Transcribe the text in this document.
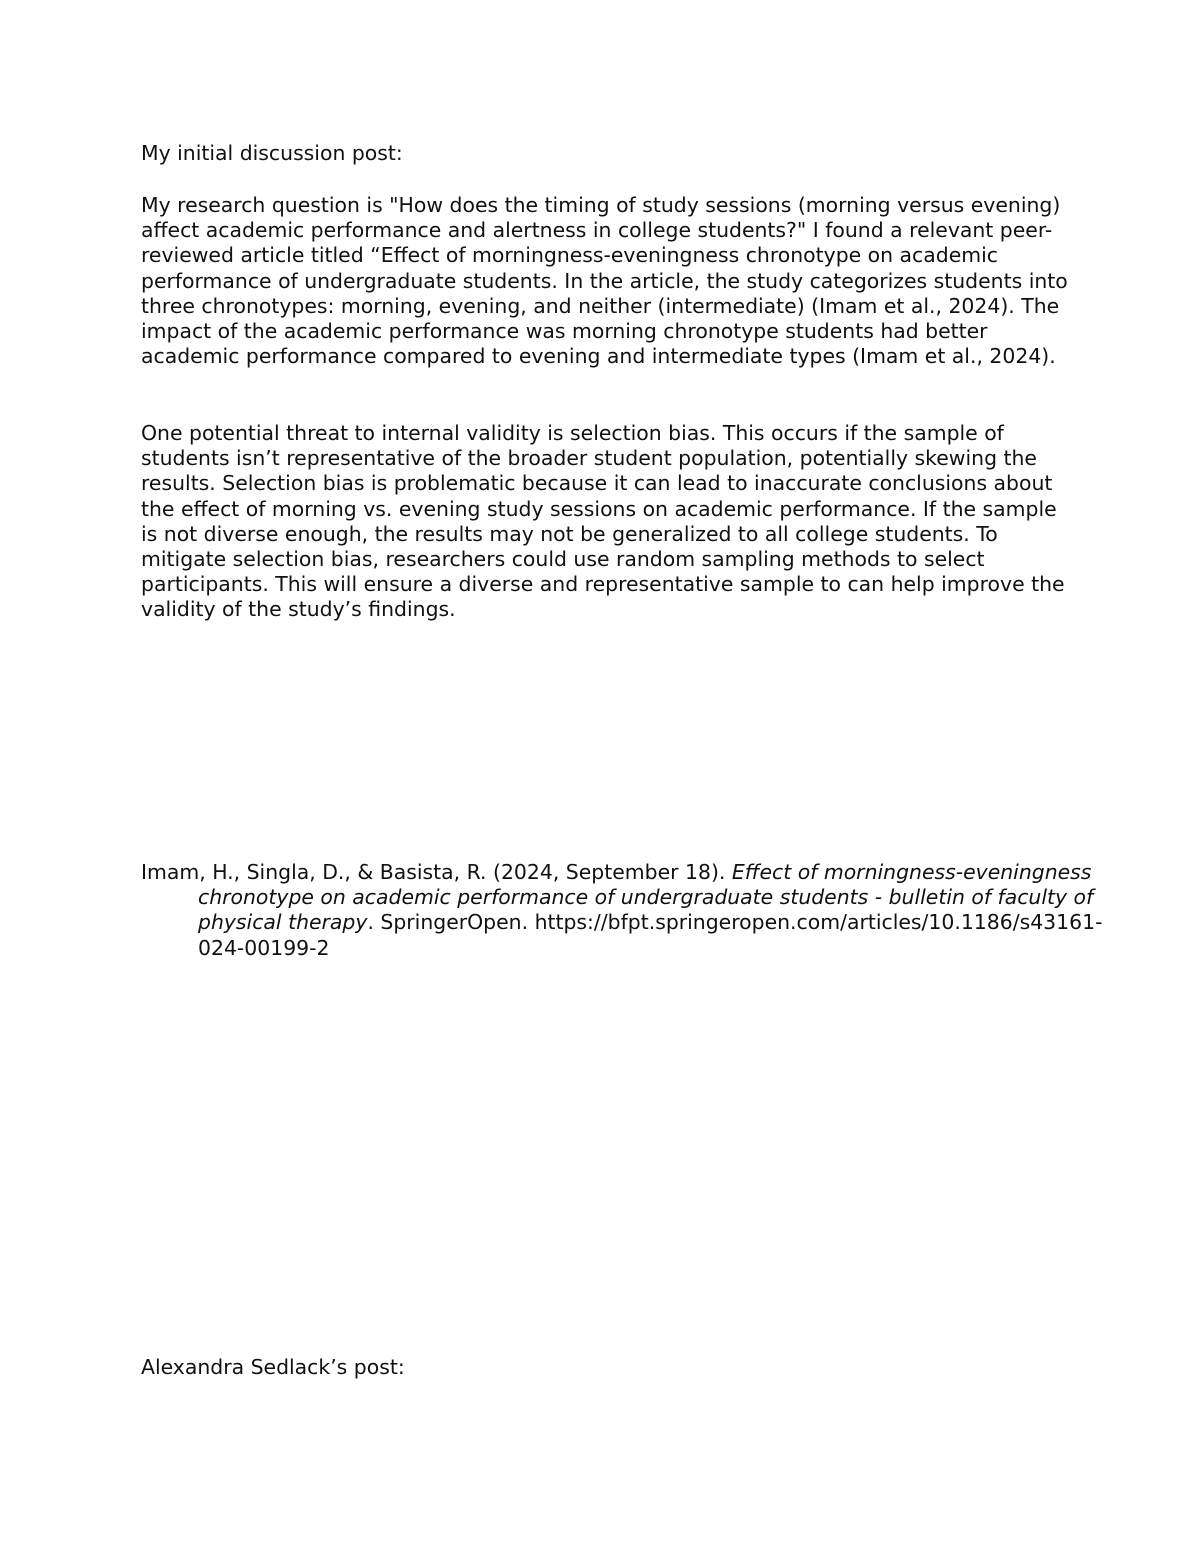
My initial discussion post:

My research question is "How does the timing of study sessions (morning versus evening) affect academic performance and alertness in college students?" I found a relevant peer-reviewed article titled “Effect of morningness-eveningness chronotype on academic performance of undergraduate students. In the article, the study categorizes students into three chronotypes: morning, evening, and neither (intermediate) (Imam et al., 2024). The impact of the academic performance was morning chronotype students had better academic performance compared to evening and intermediate types (Imam et al., 2024).

One potential threat to internal validity is selection bias. This occurs if the sample of students isn’t representative of the broader student population, potentially skewing the results. Selection bias is problematic because it can lead to inaccurate conclusions about the effect of morning vs. evening study sessions on academic performance. If the sample is not diverse enough, the results may not be generalized to all college students. To mitigate selection bias, researchers could use random sampling methods to select participants. This will ensure a diverse and representative sample to can help improve the validity of the study’s findings.

Imam, H., Singla, D., & Basista, R. (2024, September 18). Effect of morningness-eveningness chronotype on academic performance of undergraduate students - bulletin of faculty of physical therapy. SpringerOpen. https://bfpt.springeropen.com/articles/10.1186/s43161-024-00199-2

Alexandra Sedlack’s post:
